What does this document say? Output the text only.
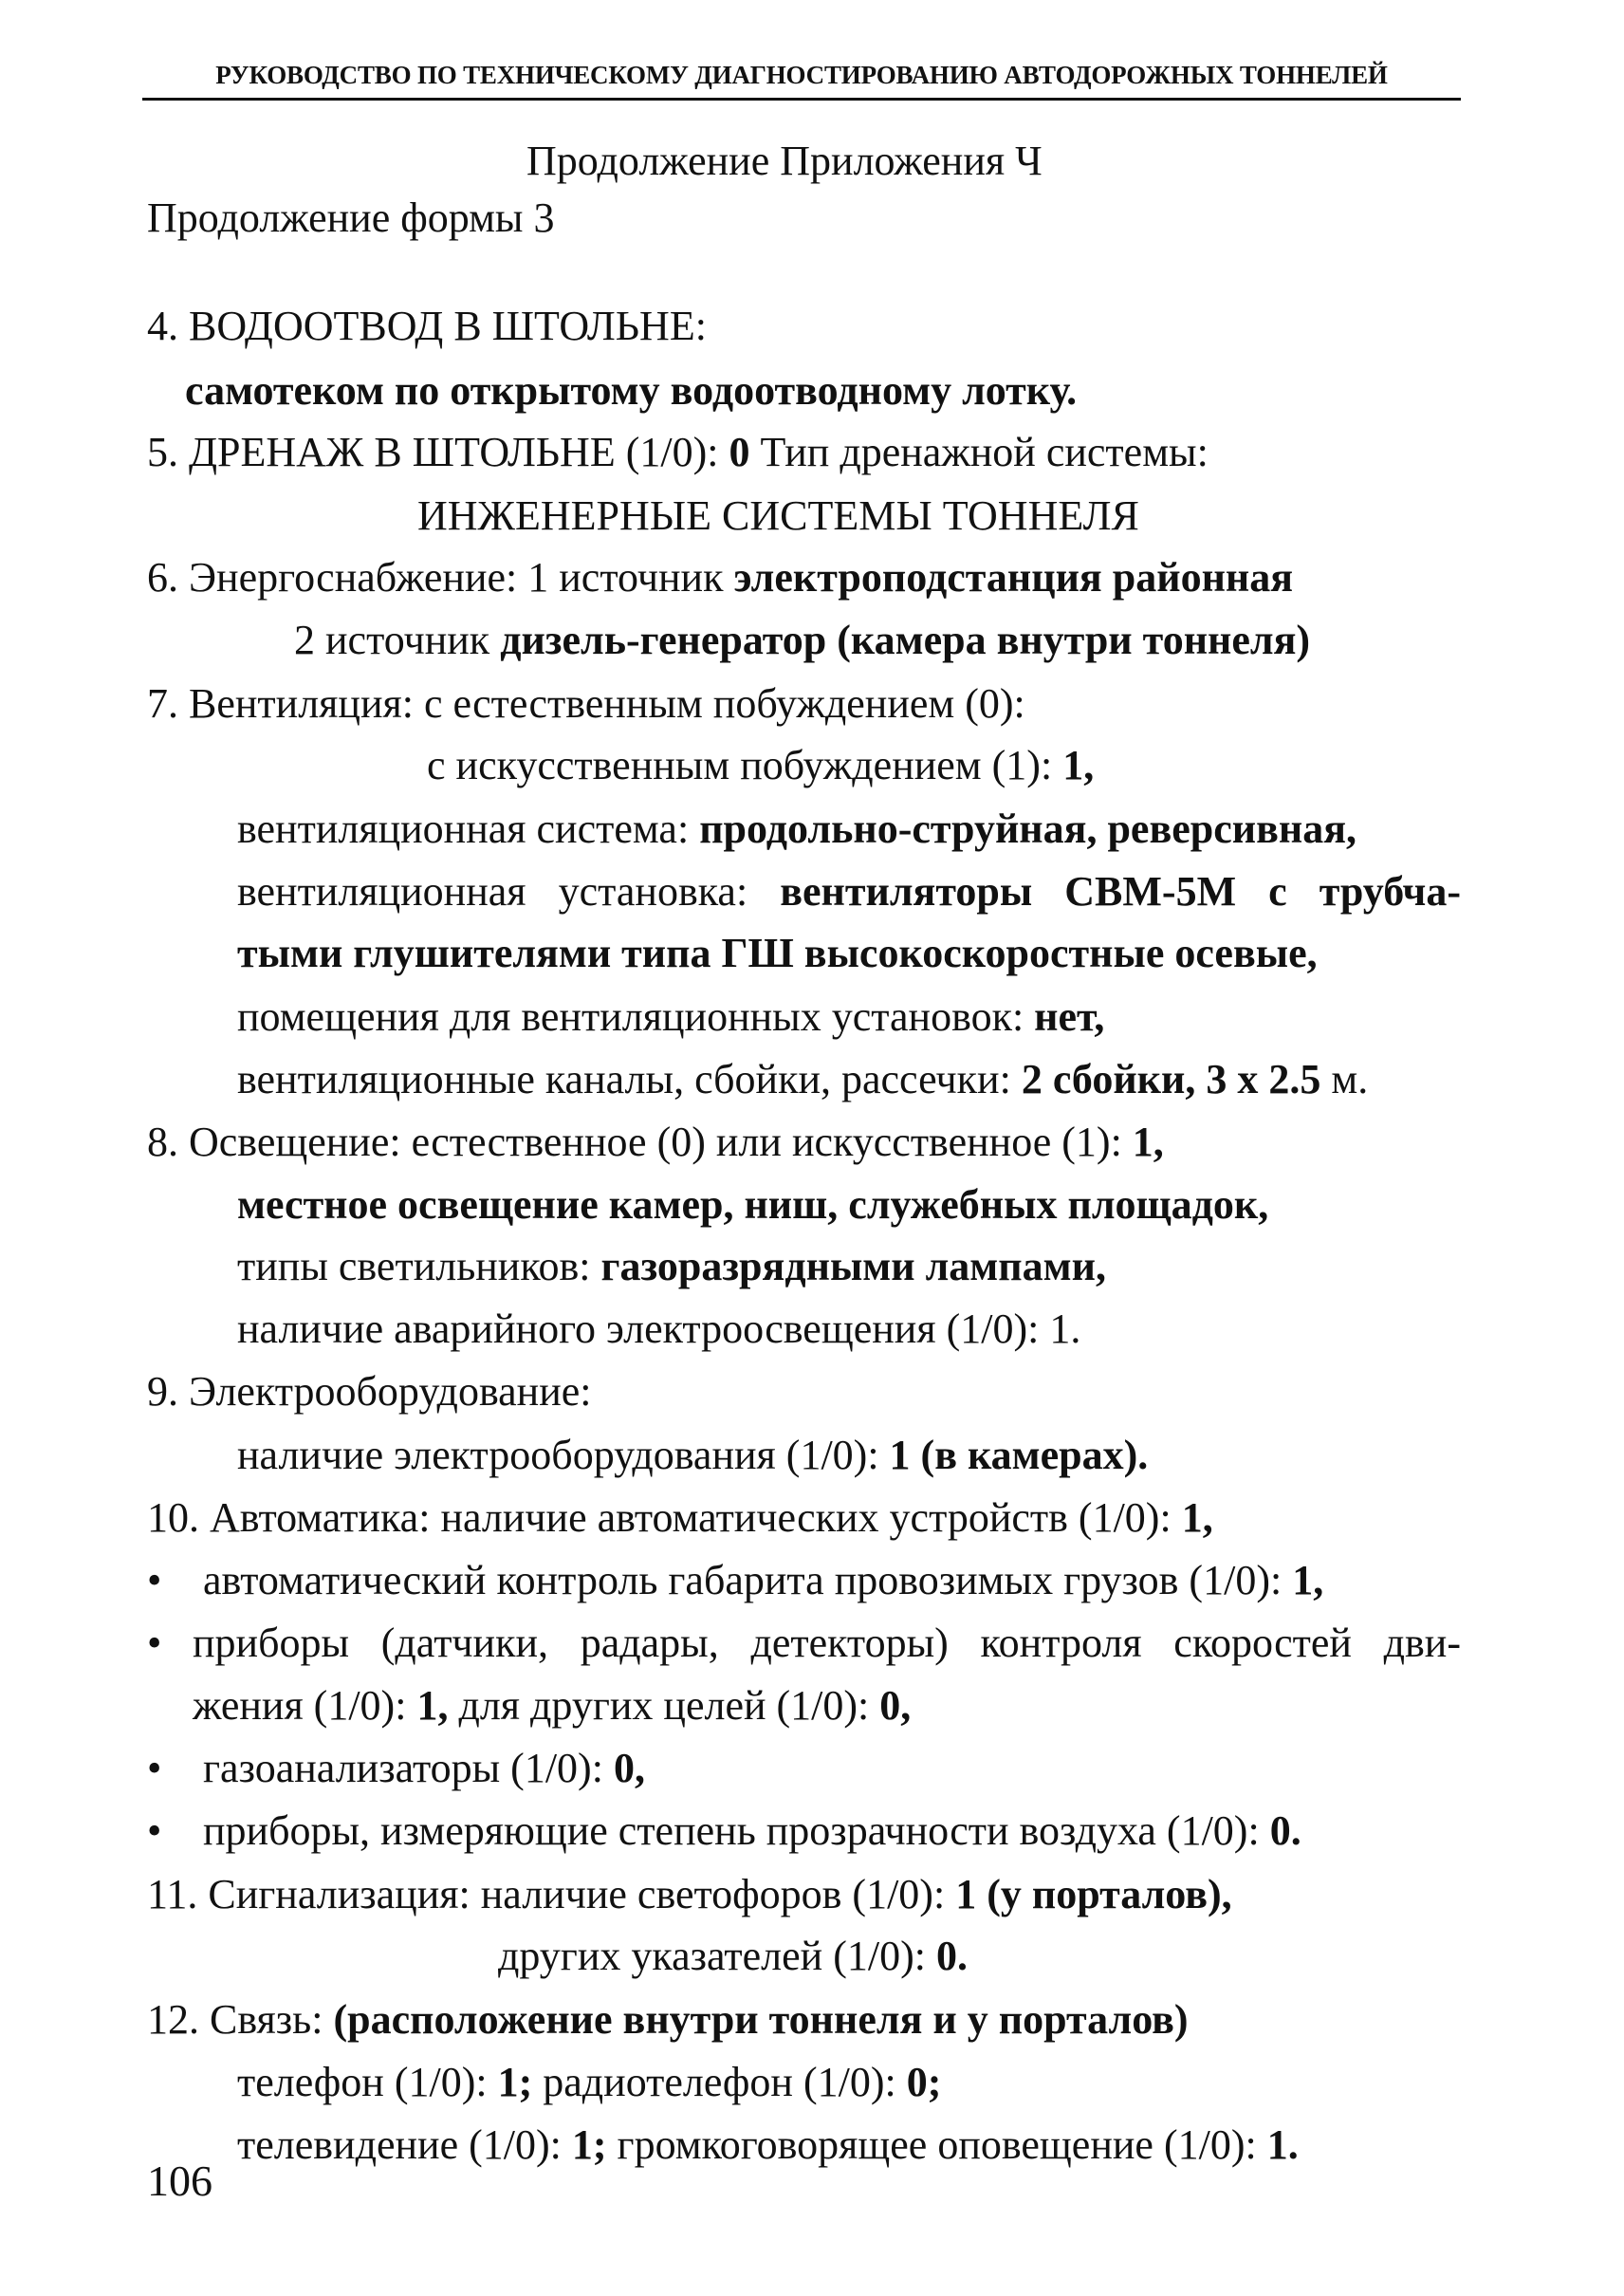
РУКОВОДСТВО ПО ТЕХНИЧЕСКОМУ ДИАГНОСТИРОВАНИЮ АВТОДОРОЖНЫХ ТОННЕЛЕЙ
Продолжение Приложения Ч
Продолжение формы 3
4. ВОДООТВОД В ШТОЛЬНЕ:
самотеком по открытому водоотводному лотку.
5. ДРЕНАЖ В ШТОЛЬНЕ (1/0): 0 Тип дренажной системы:
ИНЖЕНЕРНЫЕ СИСТЕМЫ ТОННЕЛЯ
6. Энергоснабжение: 1 источник электроподстанция районная
2 источник дизель-генератор (камера внутри тоннеля)
7. Вентиляция: с естественным побуждением (0):
с искусственным побуждением (1): 1,
вентиляционная система: продольно-струйная, реверсивная,
вентиляционная установка: вентиляторы СВМ-5М с трубча-
тыми глушителями типа ГШ высокоскоростные осевые,
помещения для вентиляционных установок: нет,
вентиляционные каналы, сбойки, рассечки: 2 сбойки, 3 х 2.5 м.
8. Освещение: естественное (0) или искусственное (1): 1,
местное освещение камер, ниш, служебных площадок,
типы светильников: газоразрядными лампами,
наличие аварийного электроосвещения (1/0): 1.
9. Электрооборудование:
наличие электрооборудования (1/0): 1 (в камерах).
10. Автоматика: наличие автоматических устройств (1/0): 1,
• автоматический контроль габарита провозимых грузов (1/0): 1,
• приборы (датчики, радары, детекторы) контроля скоростей дви-
жения (1/0): 1, для других целей (1/0): 0,
• газоанализаторы (1/0): 0,
• приборы, измеряющие степень прозрачности воздуха (1/0): 0.
11. Сигнализация: наличие светофоров (1/0): 1 (у порталов),
других указателей (1/0): 0.
12. Связь: (расположение внутри тоннеля и у порталов)
телефон (1/0): 1; радиотелефон (1/0): 0;
телевидение (1/0): 1; громкоговорящее оповещение (1/0): 1.
106
